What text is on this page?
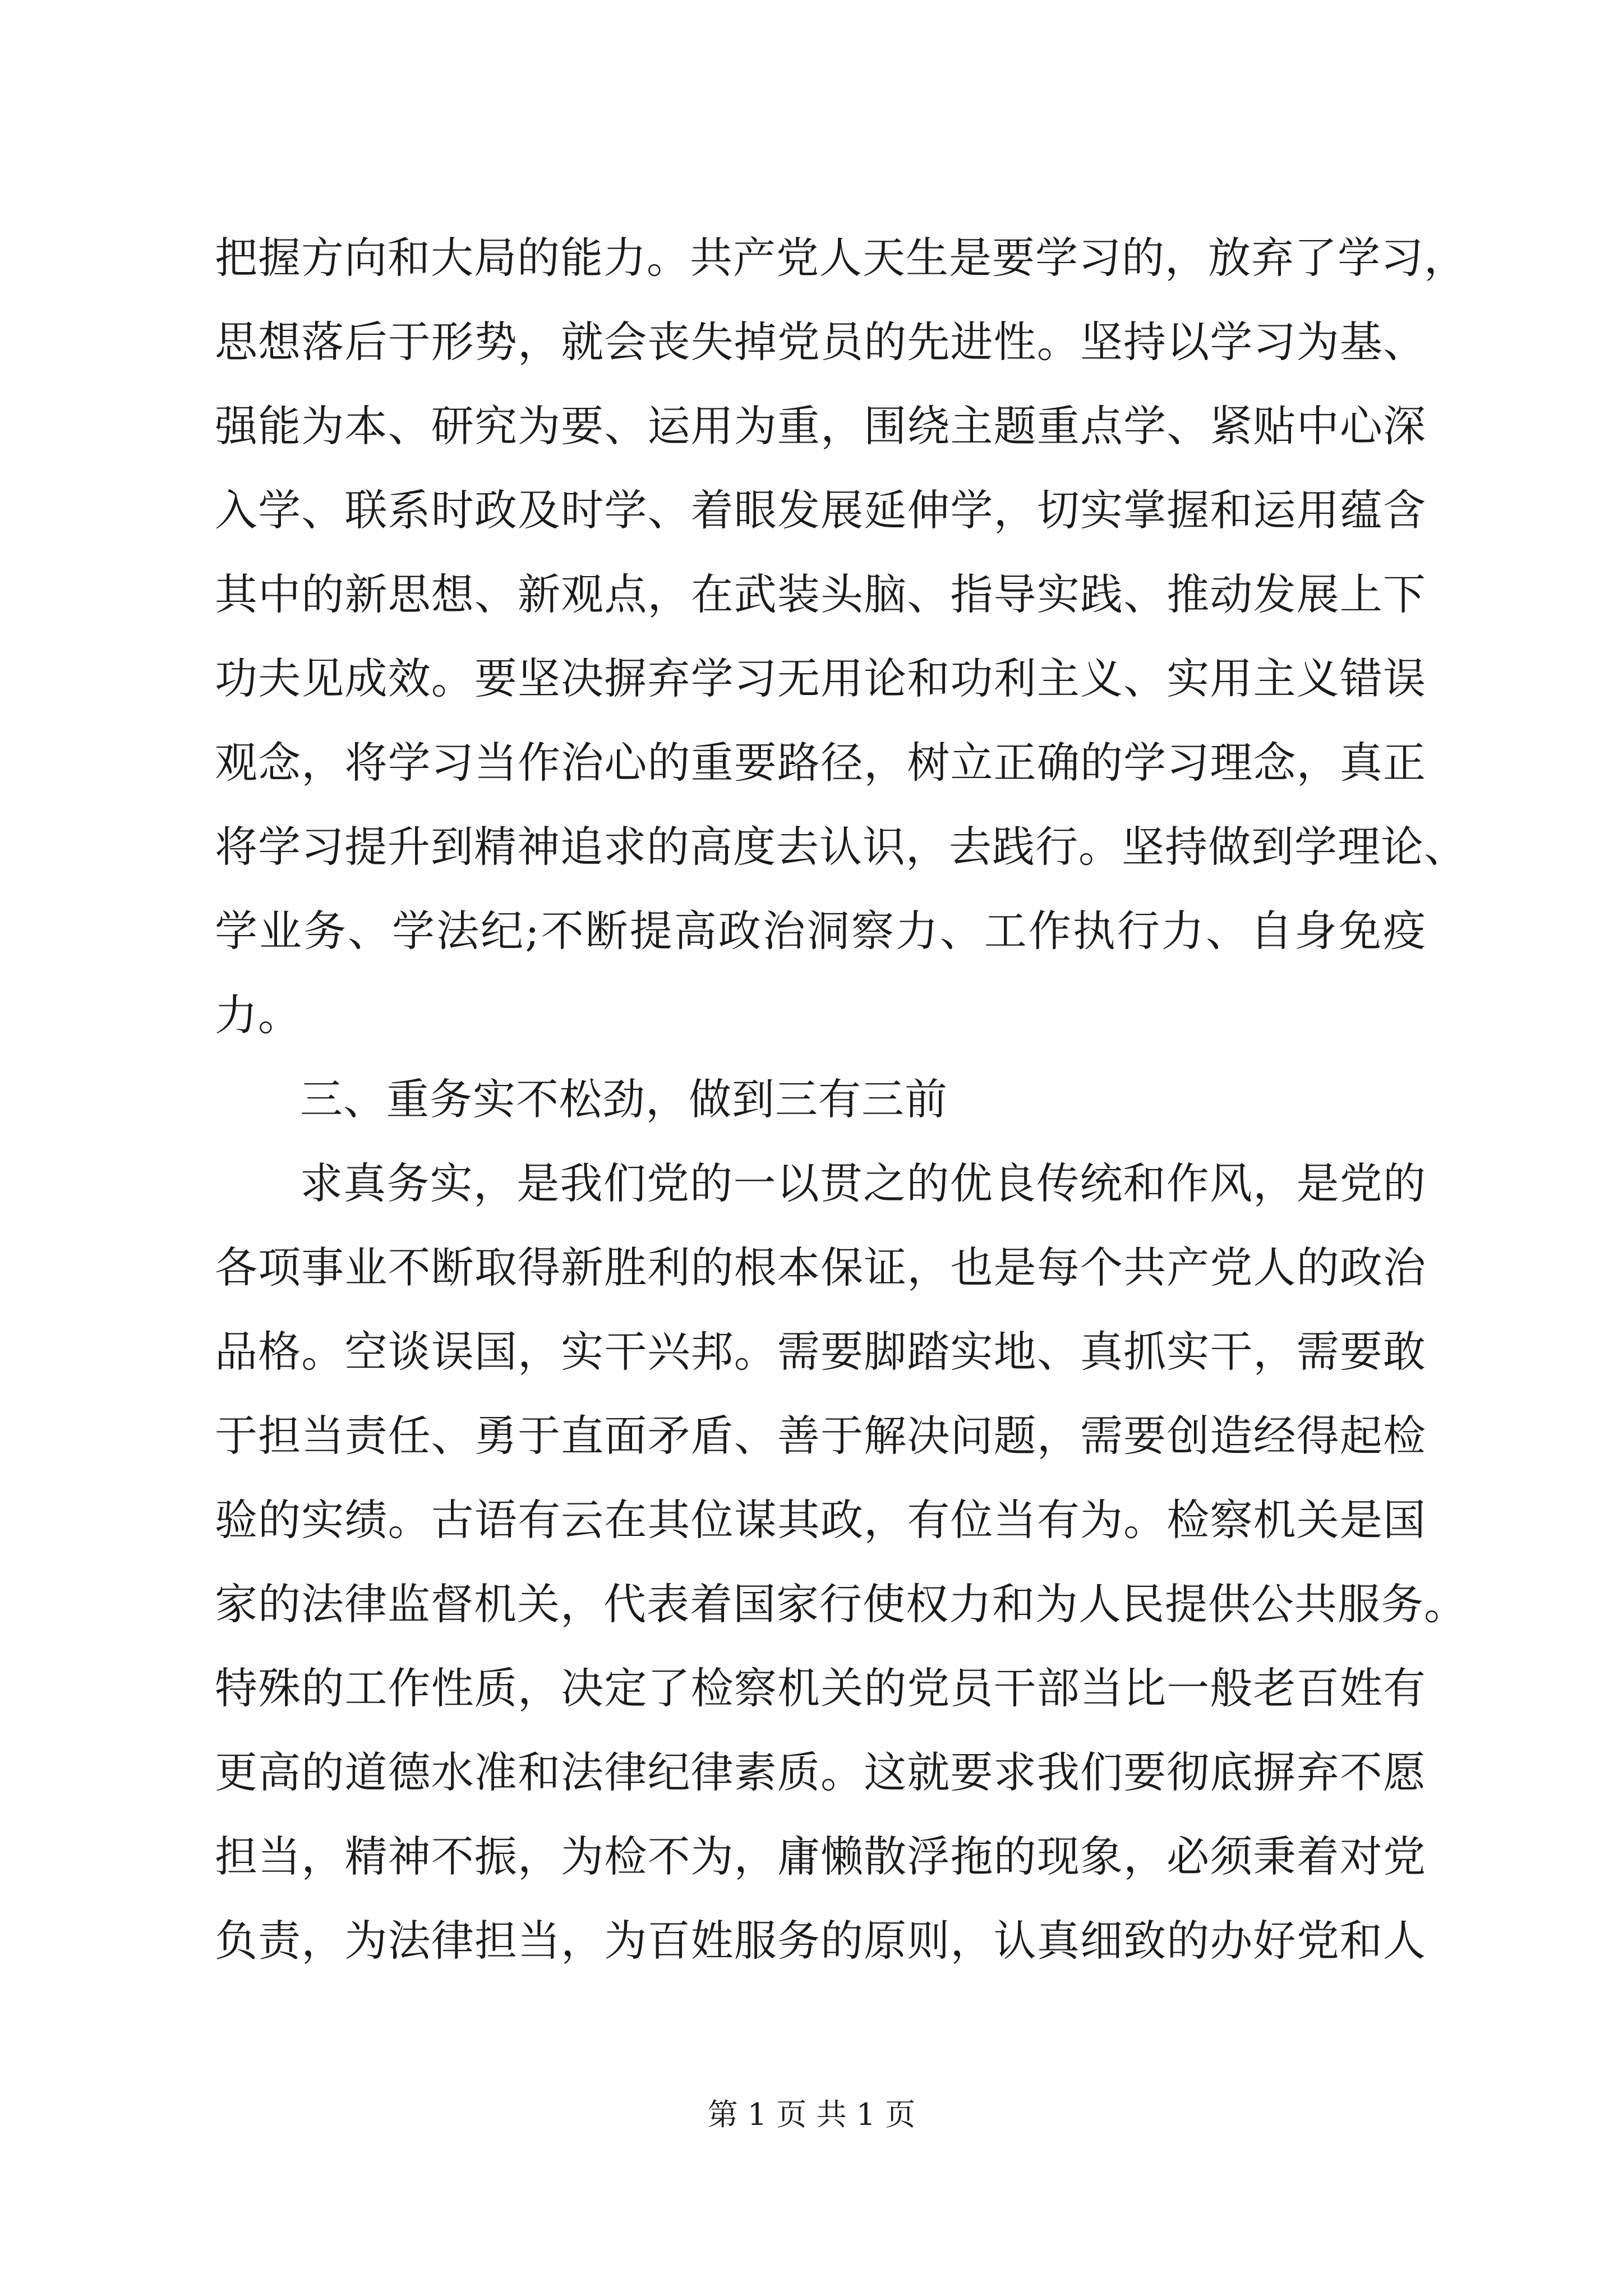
把握方向和大局的能力。共产党人天生是要学习的，放弃了学习，
思想落后于形势，就会丧失掉党员的先进性。坚持以学习为基、
强能为本、研究为要、运用为重，围绕主题重点学、紧贴中心深
入学、联系时政及时学、着眼发展延伸学，切实掌握和运用蕴含
其中的新思想、新观点，在武装头脑、指导实践、推动发展上下
功夫见成效。要坚决摒弃学习无用论和功利主义、实用主义错误
观念，将学习当作治心的重要路径，树立正确的学习理念，真正
将学习提升到精神追求的高度去认识，去践行。坚持做到学理论、
学业务、学法纪;不断提高政治洞察力、工作执行力、自身免疫
力。
三、重务实不松劲，做到三有三前
求真务实，是我们党的一以贯之的优良传统和作风，是党的
各项事业不断取得新胜利的根本保证，也是每个共产党人的政治
品格。空谈误国，实干兴邦。需要脚踏实地、真抓实干，需要敢
于担当责任、勇于直面矛盾、善于解决问题，需要创造经得起检
验的实绩。古语有云在其位谋其政，有位当有为。检察机关是国
家的法律监督机关，代表着国家行使权力和为人民提供公共服务。
特殊的工作性质，决定了检察机关的党员干部当比一般老百姓有
更高的道德水准和法律纪律素质。这就要求我们要彻底摒弃不愿
担当，精神不振，为检不为，庸懒散浮拖的现象，必须秉着对党
负责，为法律担当，为百姓服务的原则，认真细致的办好党和人
第 1 页 共 1 页
